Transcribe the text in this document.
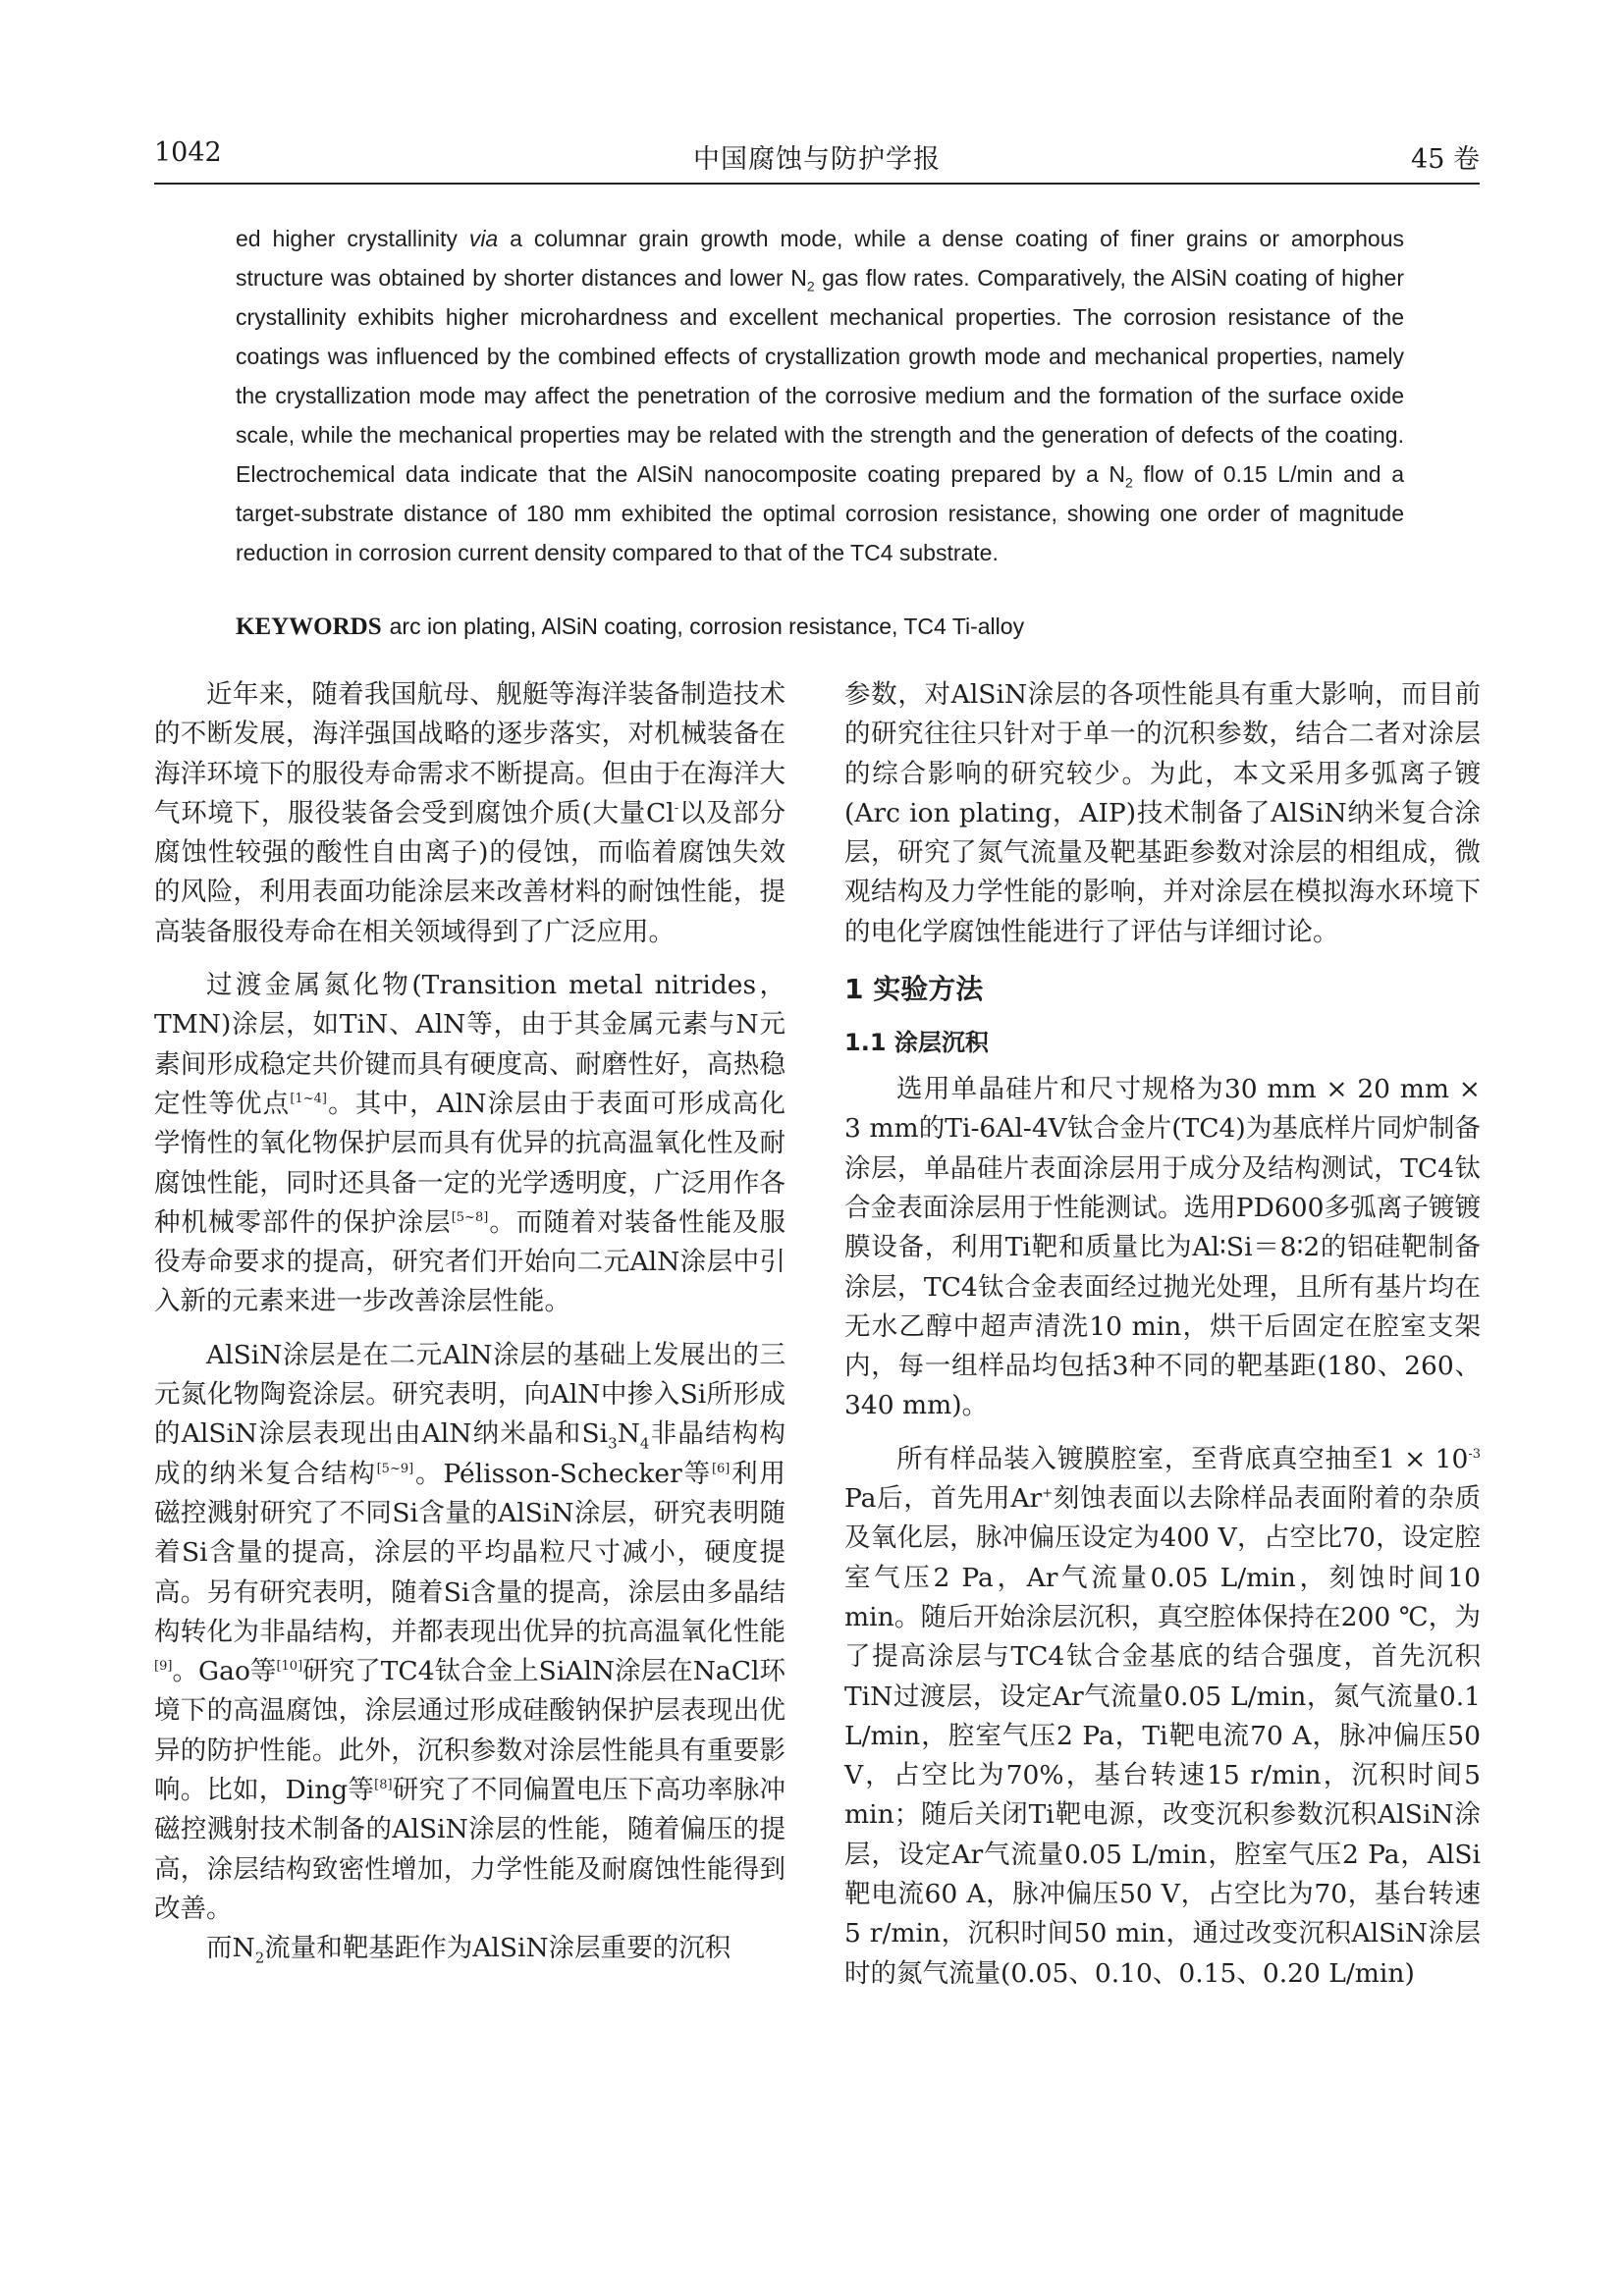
1042	中国腐蚀与防护学报	45 卷

ed higher crystallinity via a columnar grain growth mode, while a dense coating of finer grains or amorphous structure was obtained by shorter distances and lower $N_2$ gas flow rates. Comparatively, the AlSiN coating of higher crystallinity exhibits higher microhardness and excellent mechanical properties. The corrosion resistance of the coatings was influenced by the combined effects of crystallization growth mode and mechanical properties, namely the crystallization mode may affect the penetration of the corrosive medium and the formation of the surface oxide scale, while the mechanical properties may be related with the strength and the generation of defects of the coating. Electrochemical data indicate that the AlSiN nanocomposite coating prepared by a $N_2$ flow of 0.15 L/min and a target-substrate distance of 180 mm exhibited the optimal corrosion resistance, showing one order of magnitude reduction in corrosion current density compared to that of the TC4 substrate.

KEYWORDS arc ion plating, AlSiN coating, corrosion resistance, TC4 Ti-alloy

近年来，随着我国航母、舰艇等海洋装备制造技术的不断发展，海洋强国战略的逐步落实，对机械装备在海洋环境下的服役寿命需求不断提高。但由于在海洋大气环境下，服役装备会受到腐蚀介质(大量Cl-以及部分腐蚀性较强的酸性自由离子)的侵蚀，而临着腐蚀失效的风险，利用表面功能涂层来改善材料的耐蚀性能，提高装备服役寿命在相关领域得到了广泛应用。

过渡金属氮化物(Transition metal nitrides，TMN)涂层，如TiN、AlN等，由于其金属元素与N元素间形成稳定共价键而具有硬度高、耐磨性好，高热稳定性等优点[1~4]。其中，AlN涂层由于表面可形成高化学惰性的氧化物保护层而具有优异的抗高温氧化性及耐腐蚀性能，同时还具备一定的光学透明度，广泛用作各种机械零部件的保护涂层[5~8]。而随着对装备性能及服役寿命要求的提高，研究者们开始向二元AlN涂层中引入新的元素来进一步改善涂层性能。

AlSiN涂层是在二元AlN涂层的基础上发展出的三元氮化物陶瓷涂层。研究表明，向AlN中掺入Si所形成的AlSiN涂层表现出由AlN纳米晶和$Si_3N_4$非晶结构构成的纳米复合结构[5~9]。Pélisson-Schecker等[6]利用磁控溅射研究了不同Si含量的AlSiN涂层，研究表明随着Si含量的提高，涂层的平均晶粒尺寸减小，硬度提高。另有研究表明，随着Si含量的提高，涂层由多晶结构转化为非晶结构，并都表现出优异的抗高温氧化性能[9]。Gao等[10]研究了TC4钛合金上SiAlN涂层在NaCl环境下的高温腐蚀，涂层通过形成硅酸钠保护层表现出优异的防护性能。此外，沉积参数对涂层性能具有重要影响。比如，Ding等[8]研究了不同偏置电压下高功率脉冲磁控溅射技术制备的AlSiN涂层的性能，随着偏压的提高，涂层结构致密性增加，力学性能及耐腐蚀性能得到改善。

而$N_2$流量和靶基距作为AlSiN涂层重要的沉积

参数，对AlSiN涂层的各项性能具有重大影响，而目前的研究往往只针对于单一的沉积参数，结合二者对涂层的综合影响的研究较少。为此，本文采用多弧离子镀(Arc ion plating，AIP)技术制备了AlSiN纳米复合涂层，研究了氮气流量及靶基距参数对涂层的相组成，微观结构及力学性能的影响，并对涂层在模拟海水环境下的电化学腐蚀性能进行了评估与详细讨论。

1 实验方法
1.1 涂层沉积

选用单晶硅片和尺寸规格为30 mm × 20 mm × 3 mm的Ti-6Al-4V钛合金片(TC4)为基底样片同炉制备涂层，单晶硅片表面涂层用于成分及结构测试，TC4钛合金表面涂层用于性能测试。选用PD600多弧离子镀镀膜设备，利用Ti靶和质量比为Al∶Si＝8∶2的铝硅靶制备涂层，TC4钛合金表面经过抛光处理，且所有基片均在无水乙醇中超声清洗10 min，烘干后固定在腔室支架内，每一组样品均包括3种不同的靶基距(180、260、340 mm)。

所有样品装入镀膜腔室，至背底真空抽至$1 \times 10^{-3}$ Pa后，首先用Ar+刻蚀表面以去除样品表面附着的杂质及氧化层，脉冲偏压设定为400 V，占空比70，设定腔室气压2 Pa，Ar气流量0.05 L/min，刻蚀时间10 min。随后开始涂层沉积，真空腔体保持在200 ℃，为了提高涂层与TC4钛合金基底的结合强度，首先沉积TiN过渡层，设定Ar气流量0.05 L/min，氮气流量0.1 L/min，腔室气压2 Pa，Ti靶电流70 A，脉冲偏压50 V，占空比为70%，基台转速15 r/min，沉积时间5 min；随后关闭Ti靶电源，改变沉积参数沉积AlSiN涂层，设定Ar气流量0.05 L/min，腔室气压2 Pa，AlSi靶电流60 A，脉冲偏压50 V，占空比为70，基台转速5 r/min，沉积时间50 min，通过改变沉积AlSiN涂层时的氮气流量(0.05、0.10、0.15、0.20 L/min)
